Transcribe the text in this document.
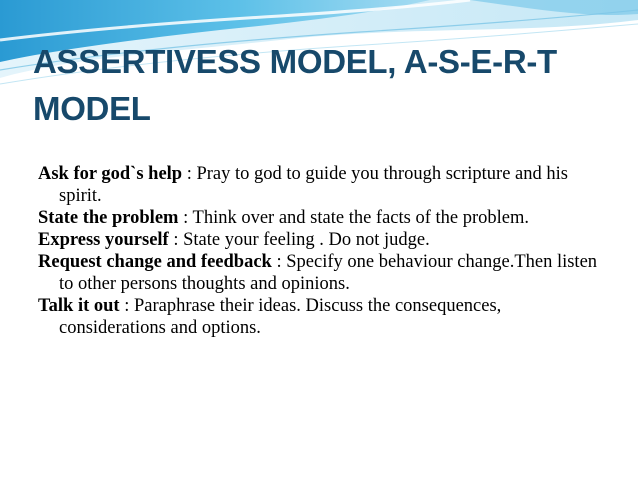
ASSERTIVESS MODEL, A-S-E-R-T MODEL
Ask for god`s help : Pray to god to guide you through scripture and his spirit.
State the problem : Think over and state the facts of the problem.
Express yourself : State your feeling . Do not judge.
Request change and feedback : Specify one behaviour change.Then listen to other persons thoughts and opinions.
Talk it out : Paraphrase their ideas. Discuss the consequences, considerations and options.
